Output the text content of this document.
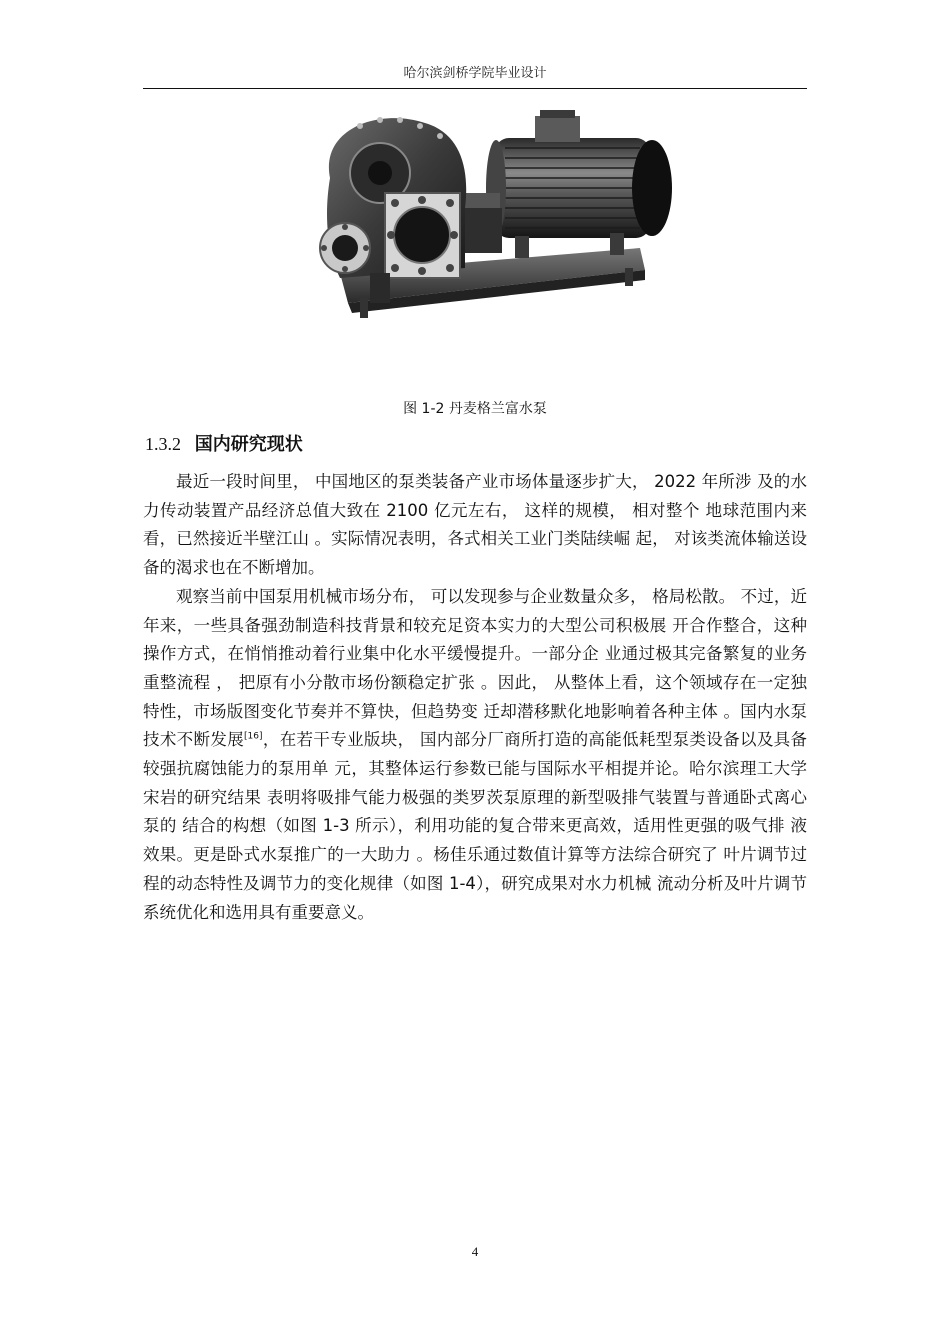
哈尔滨剑桥学院毕业设计
图 1-2 丹麦格兰富水泵
1.3.2 国内研究现状

最近一段时间里， 中国地区的泵类装备产业市场体量逐步扩大， 2022 年所涉 及的水力传动装置产品经济总值大致在 2100 亿元左右， 这样的规模， 相对整个 地球范围内来看，已然接近半壁江山 。实际情况表明，各式相关工业门类陆续崛 起， 对该类流体输送设备的渴求也在不断增加。

观察当前中国泵用机械市场分布， 可以发现参与企业数量众多， 格局松散。 不过，近年来，一些具备强劲制造科技背景和较充足资本实力的大型公司积极展 开合作整合，这种操作方式，在悄悄推动着行业集中化水平缓慢提升。一部分企 业通过极其完备繁复的业务重整流程 ， 把原有小分散市场份额稳定扩张 。因此， 从整体上看，这个领域存在一定独特性，市场版图变化节奏并不算快，但趋势变 迁却潜移默化地影响着各种主体 。国内水泵技术不断发展[16]，在若干专业版块， 国内部分厂商所打造的高能低耗型泵类设备以及具备较强抗腐蚀能力的泵用单 元，其整体运行参数已能与国际水平相提并论。哈尔滨理工大学宋岩的研究结果 表明将吸排气能力极强的类罗茨泵原理的新型吸排气装置与普通卧式离心泵的 结合的构想（如图 1-3 所示），利用功能的复合带来更高效，适用性更强的吸气排 液效果。更是卧式水泵推广的一大助力 。杨佳乐通过数值计算等方法综合研究了 叶片调节过程的动态特性及调节力的变化规律（如图 1-4），研究成果对水力机械 流动分析及叶片调节系统优化和选用具有重要意义。

4
